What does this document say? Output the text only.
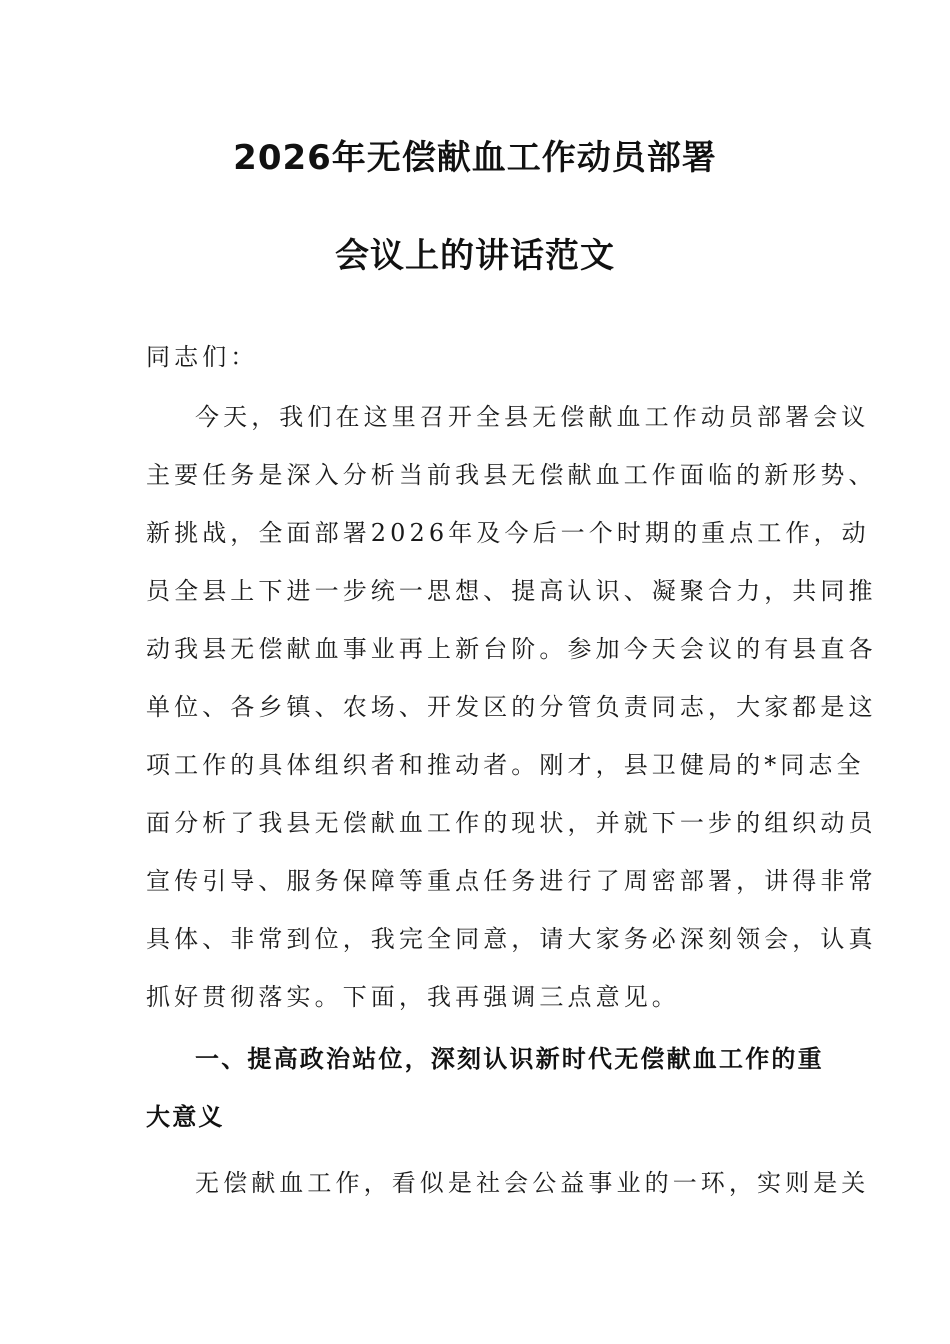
2026年无偿献血工作动员部署
会议上的讲话范文
同志们：
今天，我们在这里召开全县无偿献血工作动员部署会议
主要任务是深入分析当前我县无偿献血工作面临的新形势、
新挑战，全面部署2026年及今后一个时期的重点工作，动
员全县上下进一步统一思想、提高认识、凝聚合力，共同推
动我县无偿献血事业再上新台阶。参加今天会议的有县直各
单位、各乡镇、农场、开发区的分管负责同志，大家都是这
项工作的具体组织者和推动者。刚才，县卫健局的*同志全
面分析了我县无偿献血工作的现状，并就下一步的组织动员
宣传引导、服务保障等重点任务进行了周密部署，讲得非常
具体、非常到位，我完全同意，请大家务必深刻领会，认真
抓好贯彻落实。下面，我再强调三点意见。
一、提高政治站位，深刻认识新时代无偿献血工作的重
大意义
无偿献血工作，看似是社会公益事业的一环，实则是关
